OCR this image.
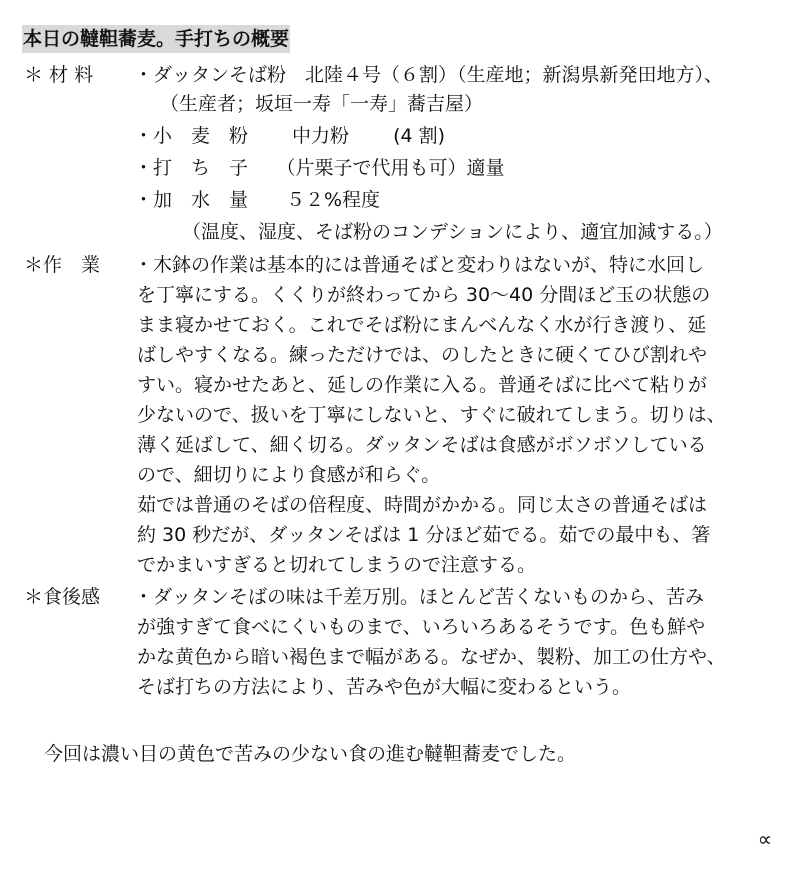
本日の韃靼蕎麦。手打ちの概要
＊ 材 料 ・ダッタンそば粉　北陸４号（６割）（生産地；新潟県新発田地方）、
（生産者；坂垣一寿「一寿」蕎吉屋）
・小　麦　粉　　 中力粉　　 (4 割)
・打　ち　子　　（片栗子で代用も可）適量
・加　水　量　　５２%程度
（温度、湿度、そば粉のコンデションにより、適宜加減する。）
＊作　業 ・木鉢の作業は基本的には普通そばと変わりはないが、特に水回し
を丁寧にする。くくりが終わってから 30～40 分間ほど玉の状態の
まま寝かせておく。これでそば粉にまんべんなく水が行き渡り、延
ばしやすくなる。練っただけでは、のしたときに硬くてひび割れや
すい。寝かせたあと、延しの作業に入る。普通そばに比べて粘りが
少ないので、扱いを丁寧にしないと、すぐに破れてしまう。切りは、
薄く延ばして、細く切る。ダッタンそばは食感がボソボソしている
ので、細切りにより食感が和らぐ。
茹では普通のそばの倍程度、時間がかかる。同じ太さの普通そばは
約 30 秒だが、ダッタンそばは 1 分ほど茹でる。茹での最中も、箸
でかまいすぎると切れてしまうので注意する。
＊食後感 ・ダッタンそばの味は千差万別。ほとんど苦くないものから、苦み
が強すぎて食べにくいものまで、いろいろあるそうです。色も鮮や
かな黄色から暗い褐色まで幅がある。なぜか、製粉、加工の仕方や、
そば打ちの方法により、苦みや色が大幅に変わるという。
今回は濃い目の黄色で苦みの少ない食の進む韃靼蕎麦でした。
∝
